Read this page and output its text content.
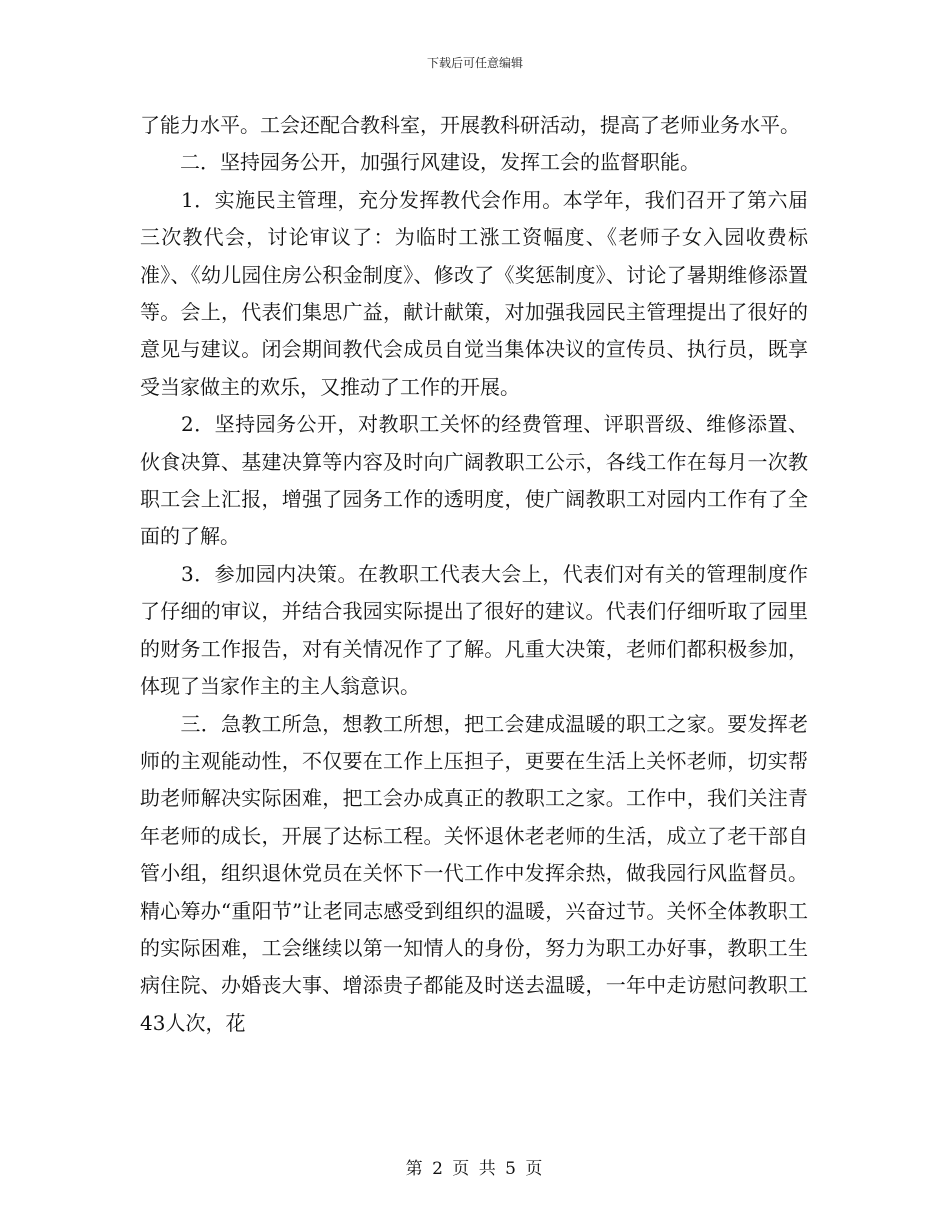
下载后可任意编辑

了能力水平。工会还配合教科室，开展教科研活动，提高了老师业务水平。

　　二．坚持园务公开，加强行风建设，发挥工会的监督职能。

　　1．实施民主管理，充分发挥教代会作用。本学年，我们召开了第六届三次教代会，讨论审议了：为临时工涨工资幅度、《老师子女入园收费标准》、《幼儿园住房公积金制度》、修改了《奖惩制度》、讨论了暑期维修添置 等。会上，代表们集思广益，献计献策，对加强我园民主管理提出了很好的意见与建议。闭会期间教代会成员自觉当集体决议的宣传员、执行员，既享受当家做主的欢乐，又推动了工作的开展。

　　2．坚持园务公开，对教职工关怀的经费管理、评职晋级、维修添置、伙食决算、基建决算等内容及时向广阔教职工公示，各线工作在每月一次教职工会上汇报，增强了园务工作的透明度，使广阔教职工对园内工作有了全面的了解。

　　3．参加园内决策。在教职工代表大会上，代表们对有关的管理制度作了仔细的审议，并结合我园实际提出了很好的建议。代表们仔细听取了园里的财务工作报告，对有关情况作了了解。凡重大决策，老师们都积极参加，体现了当家作主的主人翁意识。

　　三．急教工所急，想教工所想，把工会建成温暖的职工之家。要发挥老师的主观能动性，不仅要在工作上压担子，更要在生活上关怀老师，切实帮助老师解决实际困难，把工会办成真正的教职工之家。工作中，我们关注青年老师的成长，开展了达标工程。关怀退休老老师的生活，成立了老干部自管小组，组织退休党员在关怀下一代工作中发挥余热，做我园行风监督员。精心筹办“重阳节”让老同志感受到组织的温暖，兴奋过节。关怀全体教职工的实际困难，工会继续以第一知情人的身份，努力为职工办好事，教职工生病住院、办婚丧大事、增添贵子都能及时送去温暖，一年中走访慰问教职工43人次，花

第 2 页 共 5 页
